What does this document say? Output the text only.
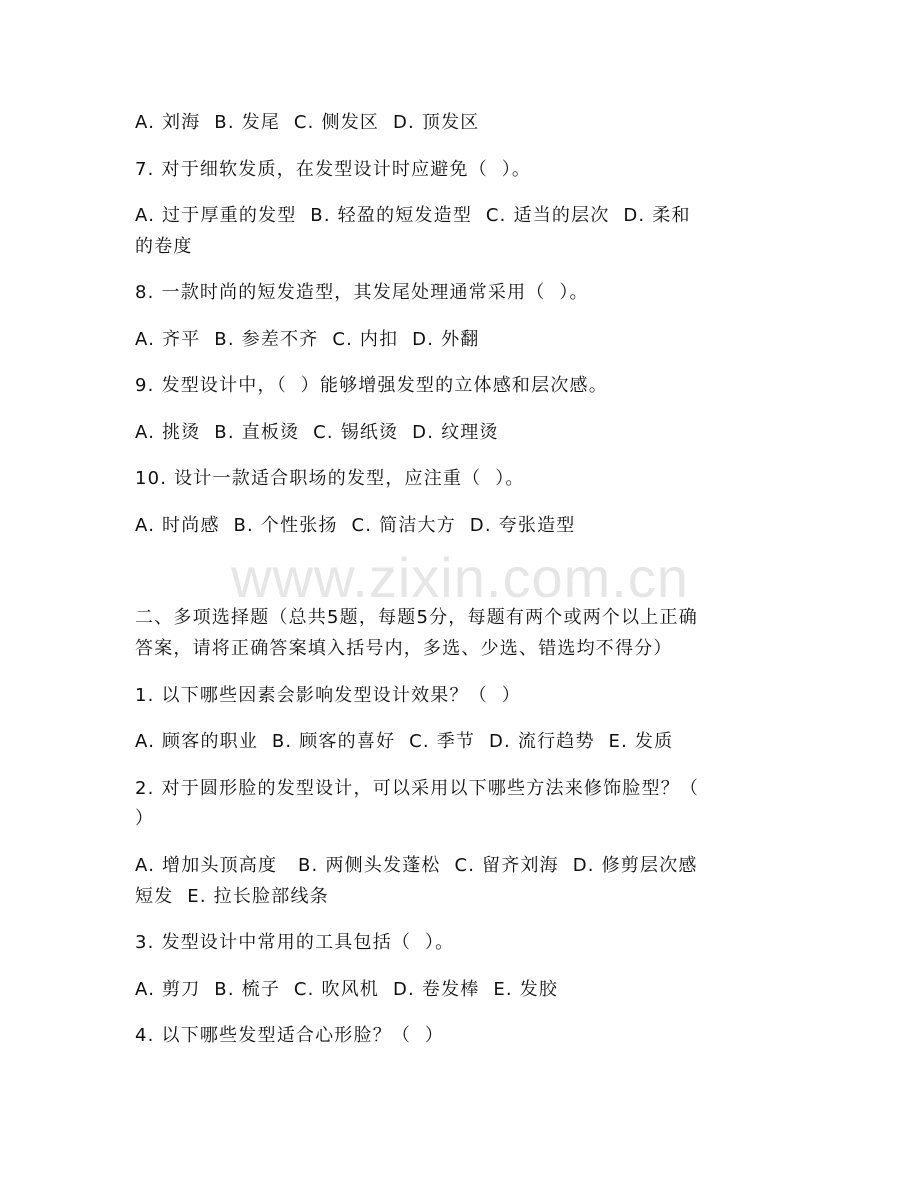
A. 刘海  B. 发尾  C. 侧发区  D. 顶发区
7. 对于细软发质，在发型设计时应避免（  ）。
A. 过于厚重的发型  B. 轻盈的短发造型  C. 适当的层次  D. 柔和
的卷度
8. 一款时尚的短发造型，其发尾处理通常采用（  ）。
A. 齐平  B. 参差不齐  C. 内扣  D. 外翻
9. 发型设计中，（  ）能够增强发型的立体感和层次感。
A. 挑烫  B. 直板烫  C. 锡纸烫  D. 纹理烫
10. 设计一款适合职场的发型，应注重（  ）。
A. 时尚感  B. 个性张扬  C. 简洁大方  D. 夸张造型
www.zixin.com.cn
二、多项选择题（总共5题，每题5分，每题有两个或两个以上正确
答案，请将正确答案填入括号内，多选、少选、错选均不得分）
1. 以下哪些因素会影响发型设计效果？（  ）
A. 顾客的职业  B. 顾客的喜好  C. 季节  D. 流行趋势  E. 发质
2. 对于圆形脸的发型设计，可以采用以下哪些方法来修饰脸型？（
）
A. 增加头顶高度   B. 两侧头发蓬松  C. 留齐刘海  D. 修剪层次感
短发  E. 拉长脸部线条
3. 发型设计中常用的工具包括（  ）。
A. 剪刀  B. 梳子  C. 吹风机  D. 卷发棒  E. 发胶
4. 以下哪些发型适合心形脸？（  ）
